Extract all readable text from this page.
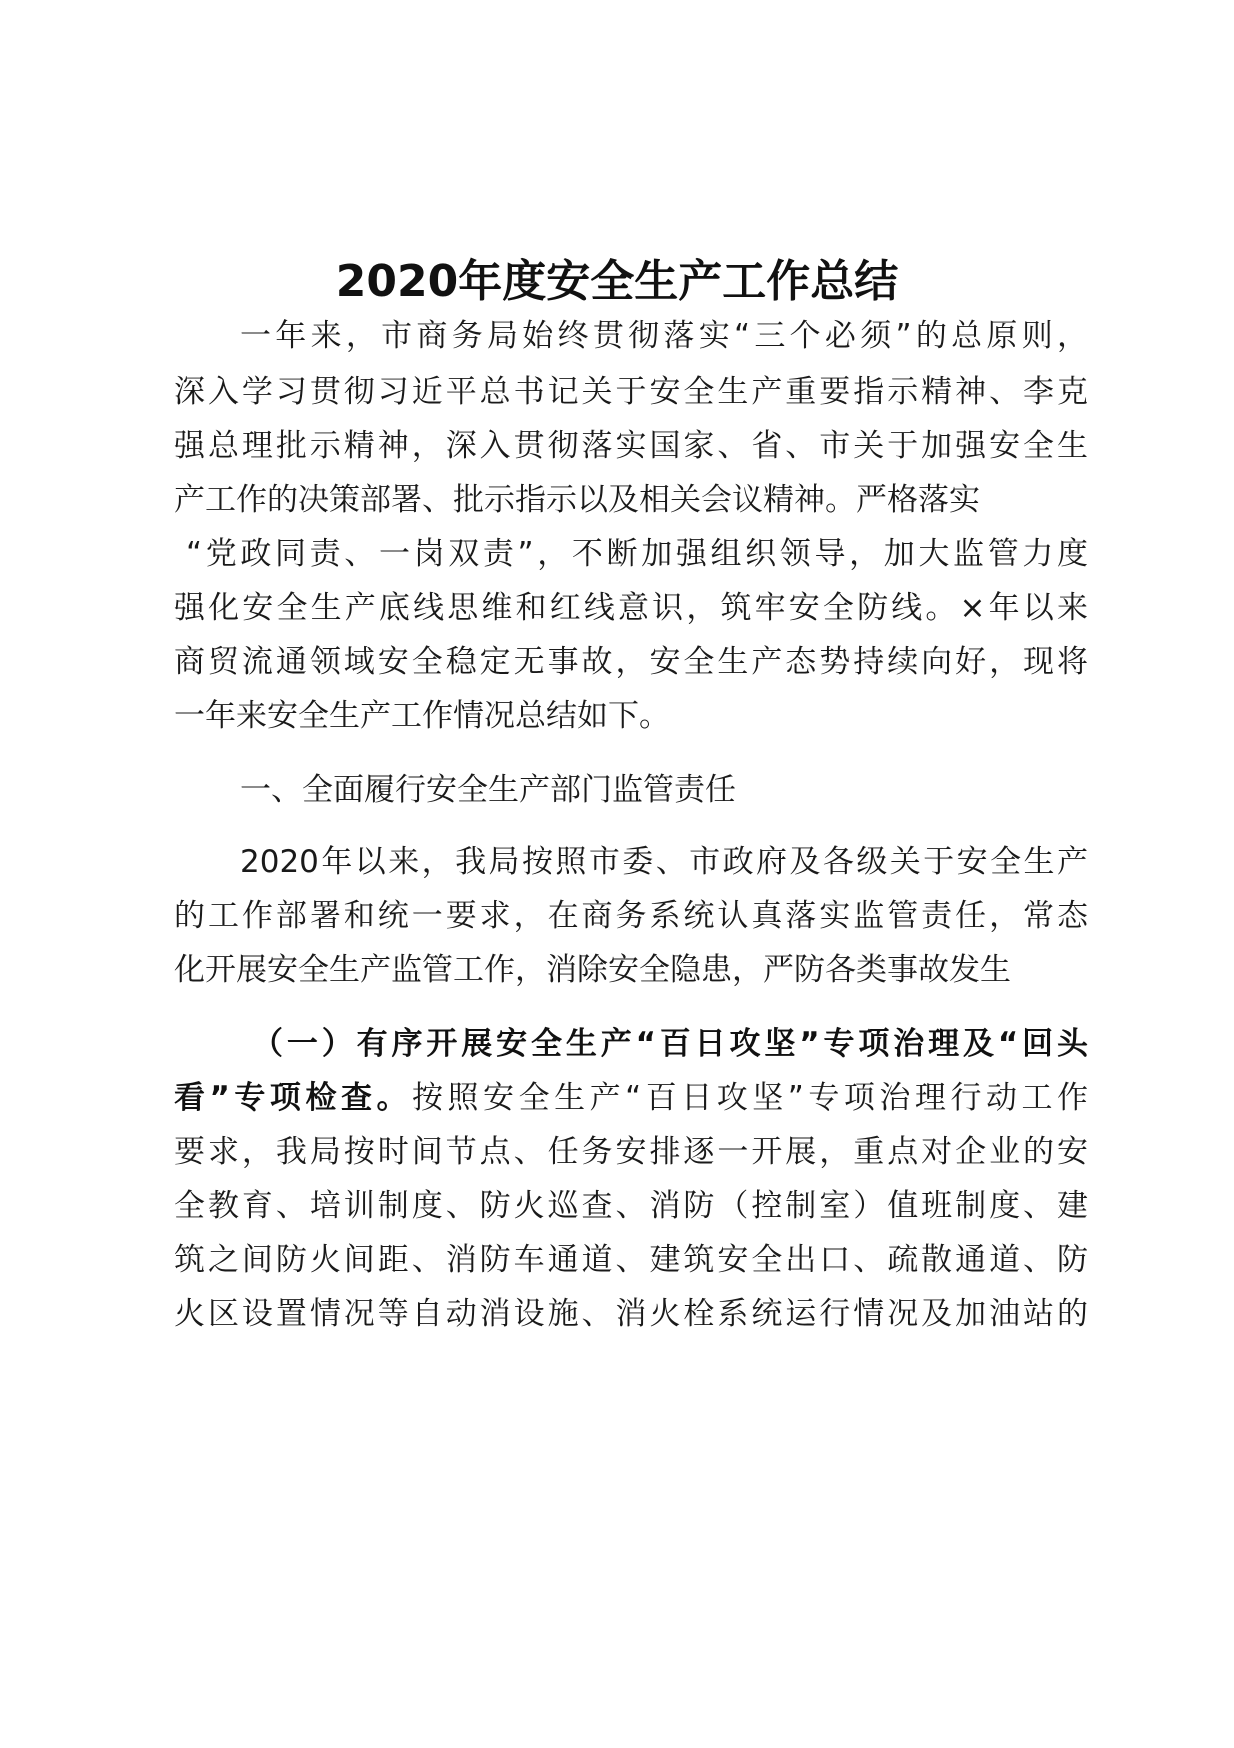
2020年度安全生产工作总结

一年来，市商务局始终贯彻落实“三个必须”的总原则，

深入学习贯彻习近平总书记关于安全生产重要指示精神、李克

强总理批示精神，深入贯彻落实国家、省、市关于加强安全生

产工作的决策部署、批示指示以及相关会议精神。严格落实

“党政同责、一岗双责”，不断加强组织领导，加大监管力度

强化安全生产底线思维和红线意识，筑牢安全防线。×年以来

商贸流通领域安全稳定无事故，安全生产态势持续向好，现将

一年来安全生产工作情况总结如下。

一、全面履行安全生产部门监管责任

2020年以来，我局按照市委、市政府及各级关于安全生产

的工作部署和统一要求，在商务系统认真落实监管责任，常态

化开展安全生产监管工作，消除安全隐患，严防各类事故发生

（一）有序开展安全生产“百日攻坚”专项治理及“回头

看”专项检查。按照安全生产“百日攻坚”专项治理行动工作

要求，我局按时间节点、任务安排逐一开展，重点对企业的安

全教育、培训制度、防火巡查、消防（控制室）值班制度、建

筑之间防火间距、消防车通道、建筑安全出口、疏散通道、防

火区设置情况等自动消设施、消火栓系统运行情况及加油站的
